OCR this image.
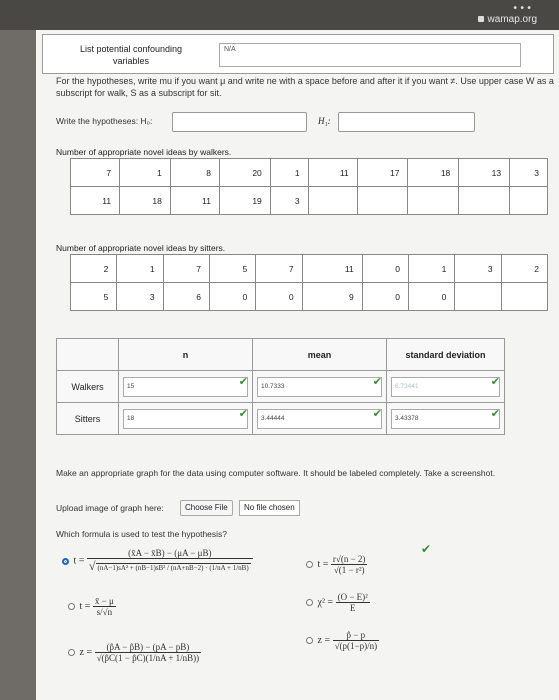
•••
wamap.org
List potential confounding variables
N/A
For the hypotheses, write mu if you want μ and write ne with a space before and after it if you want ≠. Use upper case W as a subscript for walk, S as a subscript for sit.
Write the hypotheses: H₀:	H₁:
Number of appropriate novel ideas by walkers.
7	1	8	20	1	11	17	18	13	3
11	18	11	19	3					
Number of appropriate novel ideas by sitters.
2	1	7	5	7	11	0	1	3	2
5	3	6	0	0	9	0	0		
	n	mean	standard deviation
Walkers	15 ✔	10.7333 ✔	6.73441 ✔

Sitters	18 ✔	3.44444 ✔	3.43378 ✔
Make an appropriate graph for the data using computer software. It should be labeled completely. Take a screenshot.
Upload image of graph here:	Choose File	No file chosen
Which formula is used to test the hypothesis?
✔
$t = \frac{(x̄A - x̄B) - (\mu A - \mu B)}{\text{√ (nA−1)sA² + (nB−1)sB² / (nA+nB−2) · (1/nA + 1/nB)}}$	$t = \frac{r√(n - 2)}{\text{√(1 − r²)}}$
$t = \frac{x̄ - \mu}{s/√n}$	$\chi^2 = \frac{\text{(O − E)²}}{E}$
$z = \frac{(p̂A - p̂B) - (pA - pB)}{√(p̂C(1 - p̂C)(1/nA + 1/nB))}$
$z = \frac{p̂ - p}{√(p(1-p)/n)}$
